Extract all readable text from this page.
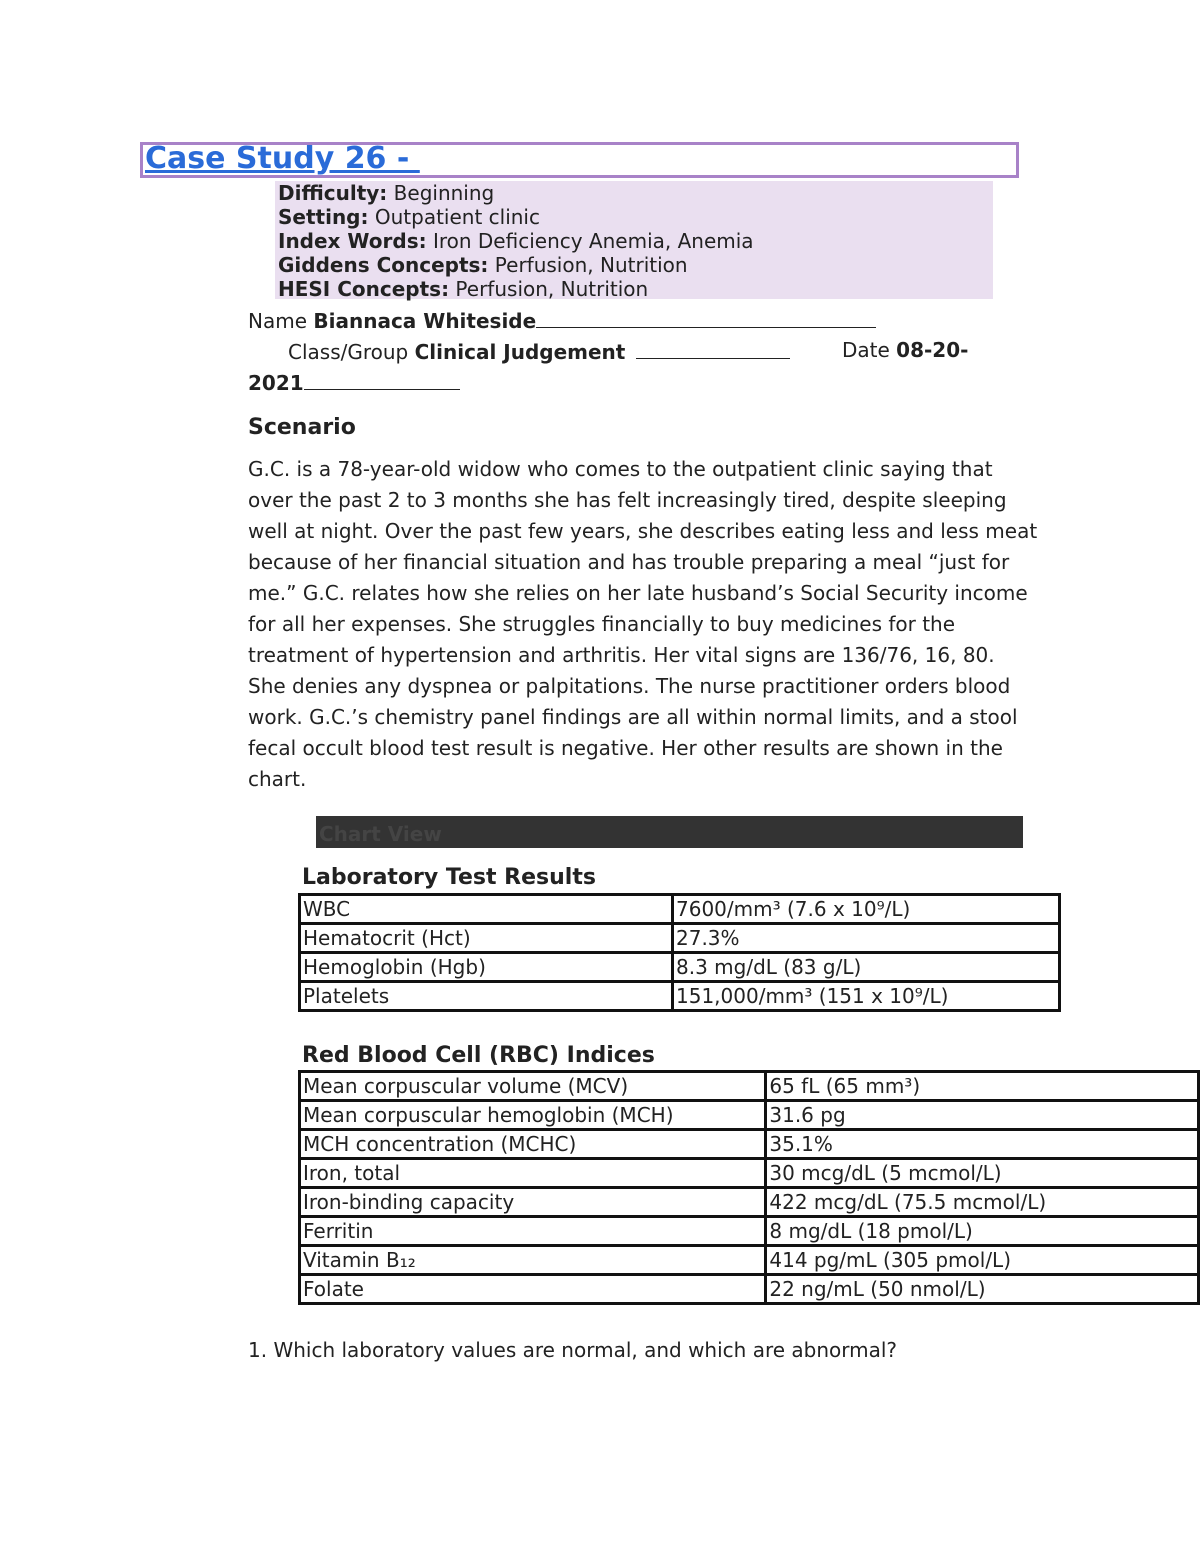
Case Study 26 -
Difficulty: Beginning
Setting: Outpatient clinic
Index Words: Iron Deficiency Anemia, Anemia
Giddens Concepts: Perfusion, Nutrition
HESI Concepts: Perfusion, Nutrition
Name Biannaca Whiteside
Class/Group Clinical Judgement	Date 08-20-
2021
Scenario

G.C. is a 78-year-old widow who comes to the outpatient clinic saying that over the past 2 to 3 months she has felt increasingly tired, despite sleeping well at night. Over the past few years, she describes eating less and less meat because of her financial situation and has trouble preparing a meal “just for me.” G.C. relates how she relies on her late husband’s Social Security income for all her expenses. She struggles financially to buy medicines for the treatment of hypertension and arthritis. Her vital signs are 136/76, 16, 80. She denies any dyspnea or palpitations. The nurse practitioner orders blood work. G.C.’s chemistry panel findings are all within normal limits, and a stool fecal occult blood test result is negative. Her other results are shown in the chart.

Chart View
Laboratory Test Results
WBC	7600/mm³ (7.6 x 10⁹/L)
Hematocrit (Hct)	27.3%
Hemoglobin (Hgb)	8.3 mg/dL (83 g/L)
Platelets	151,000/mm³ (151 x 10⁹/L)
Red Blood Cell (RBC) Indices
Mean corpuscular volume (MCV)	65 fL (65 mm³)
Mean corpuscular hemoglobin (MCH)	31.6 pg
MCH concentration (MCHC)	35.1%
Iron, total	30 mcg/dL (5 mcmol/L)
Iron-binding capacity	422 mcg/dL (75.5 mcmol/L)
Ferritin	8 mg/dL (18 pmol/L)
Vitamin B₁₂	414 pg/mL (305 pmol/L)
Folate	22 ng/mL (50 nmol/L)
1. Which laboratory values are normal, and which are abnormal?
